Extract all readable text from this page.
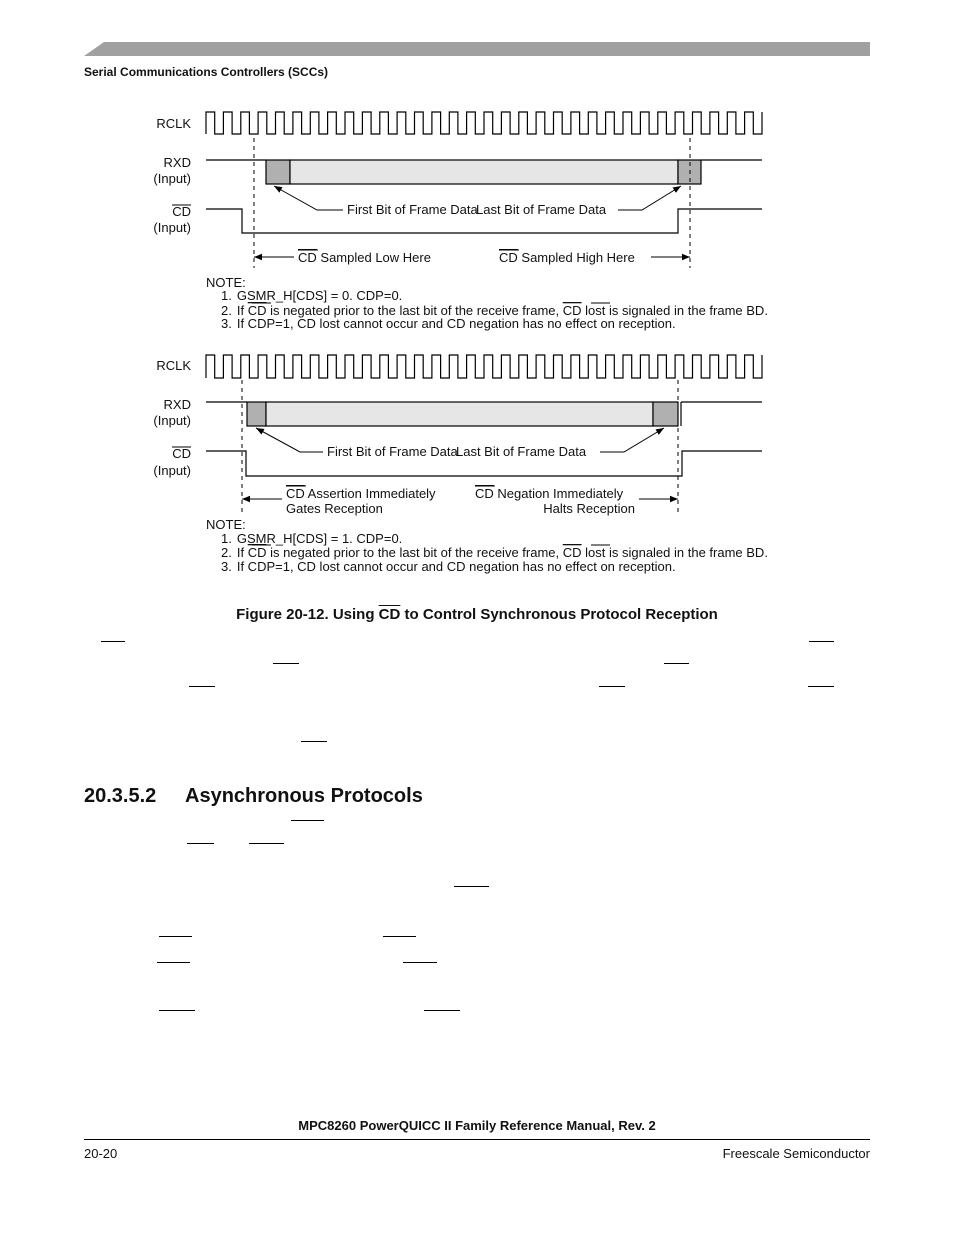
Serial Communications Controllers (SCCs)
RCLK
RXD
(Input)
CD
(Input)
First Bit of Frame Data
Last Bit of Frame Data
CD Sampled Low Here	CD Sampled High Here
NOTE:
1. GSMR_H[CDS] = 0. CDP=0.
2. If CD is negated prior to the last bit of the receive frame, CD lost is signaled in the frame BD.
3. If CDP=1, CD lost cannot occur and CD negation has no effect on reception.
RCLK
RXD
(Input)
CD
(Input)
First Bit of Frame Data
Last Bit of Frame Data
CD Assertion Immediately
Gates Reception
CD Negation Immediately
Halts Reception
NOTE:
1. GSMR_H[CDS] = 1. CDP=0.
2. If CD is negated prior to the last bit of the receive frame, CD lost is signaled in the frame BD.
3. If CDP=1, CD lost cannot occur and CD negation has no effect on reception.
Figure 20-12. Using $\overline{CD}$ to Control Synchronous Protocol Reception
20.3.5.2 Asynchronous Protocols
MPC8260 PowerQUICC II Family Reference Manual, Rev. 2
20-20	Freescale Semiconductor
